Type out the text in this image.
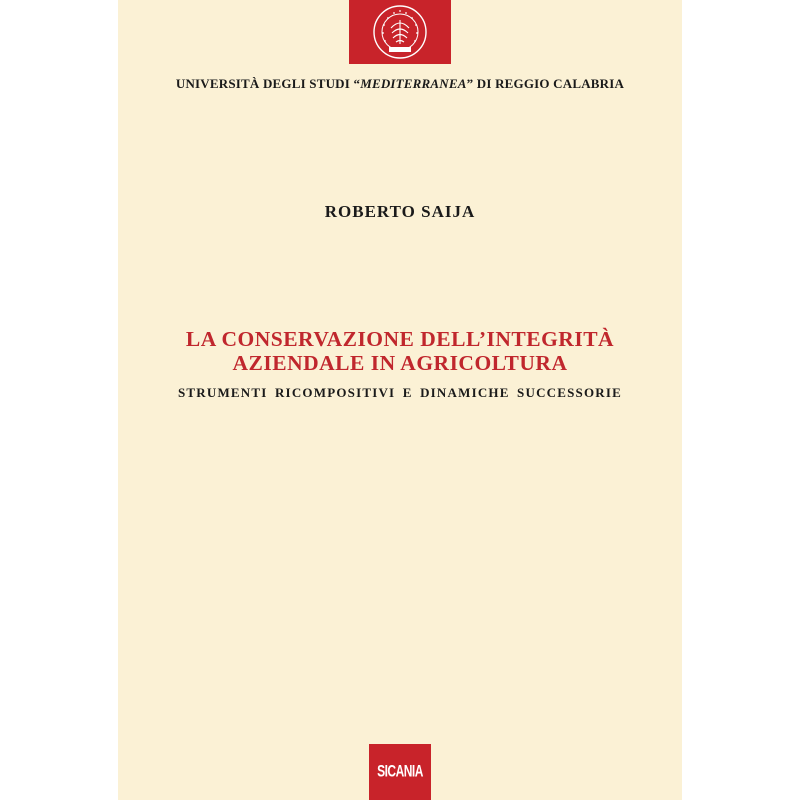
UNIVERSITÀ DEGLI STUDI “MEDITERRANEA” DI REGGIO CALABRIA
ROBERTO SAIJA
LA CONSERVAZIONE DELL’INTEGRITÀ
AZIENDALE IN AGRICOLTURA
STRUMENTI RICOMPOSITIVI E DINAMICHE SUCCESSORIE
SICANIA
